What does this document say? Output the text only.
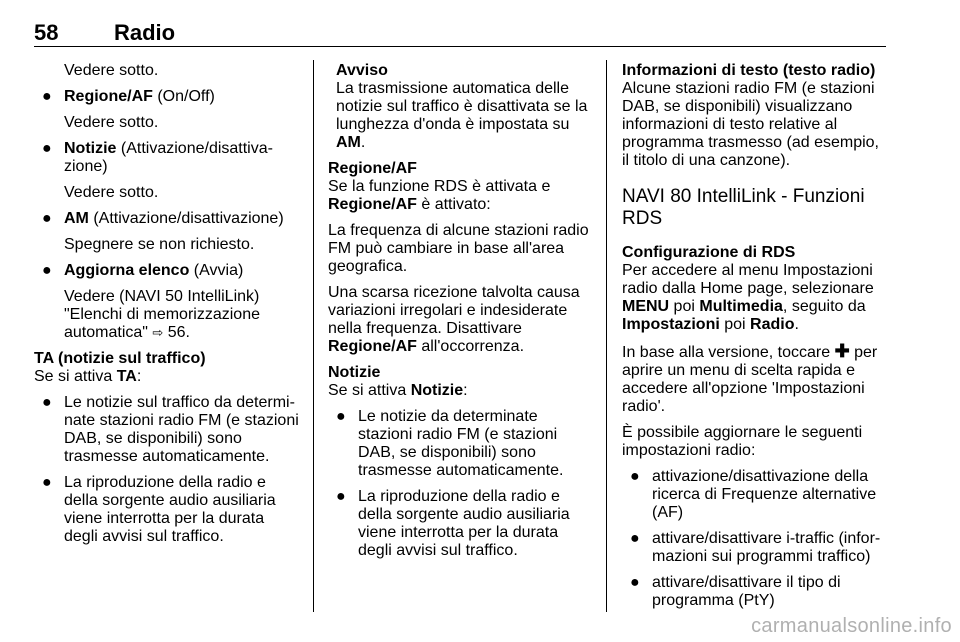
58	Radio

Vedere sotto.

● Regione/AF (On/Off)

Vedere sotto.

● Notizie (Attivazione/disattiva-zione)

Vedere sotto.

● AM (Attivazione/disattivazione)

Spegnere se non richiesto.

● Aggiorna elenco (Avvia)

Vedere (NAVI 50 IntelliLink) "Elenchi di memorizzazione automatica" ⇨ 56.

TA (notizie sul traffico)

Se si attiva TA:

● Le notizie sul traffico da determi-nate stazioni radio FM (e stazioni DAB, se disponibili) sono trasmesse automaticamente.
● La riproduzione della radio e della sorgente audio ausiliaria viene interrotta per la durata degli avvisi sul traffico.
Avviso
La trasmissione automatica delle notizie sul traffico è disattivata se la lunghezza d'onda è impostata su AM.
Regione/AF

Se la funzione RDS è attivata e Regione/AF è attivato:

La frequenza di alcune stazioni radio FM può cambiare in base all'area geografica.

Una scarsa ricezione talvolta causa variazioni irregolari e indesiderate nella frequenza. Disattivare Regione/AF all'occorrenza.

Notizie

Se si attiva Notizie:

● Le notizie da determinate stazioni radio FM (e stazioni DAB, se disponibili) sono trasmesse automaticamente.
● La riproduzione della radio e della sorgente audio ausiliaria viene interrotta per la durata degli avvisi sul traffico.
Informazioni di testo (testo radio)

Alcune stazioni radio FM (e stazioni DAB, se disponibili) visualizzano informazioni di testo relative al programma trasmesso (ad esempio, il titolo di una canzone).

NAVI 80 IntelliLink - Funzioni RDS
Configurazione di RDS

Per accedere al menu Impostazioni radio dalla Home page, selezionare MENU poi Multimedia, seguito da Impostazioni poi Radio.

In base alla versione, toccare ✚ per aprire un menu di scelta rapida e accedere all'opzione 'Impostazioni radio'.

È possibile aggiornare le seguenti impostazioni radio:

● attivazione/disattivazione della ricerca di Frequenze alternative (AF)
● attivare/disattivare i-traffic (infor-mazioni sui programmi traffico)
● attivare/disattivare il tipo di programma (PtY)
carmanualsonline.info
